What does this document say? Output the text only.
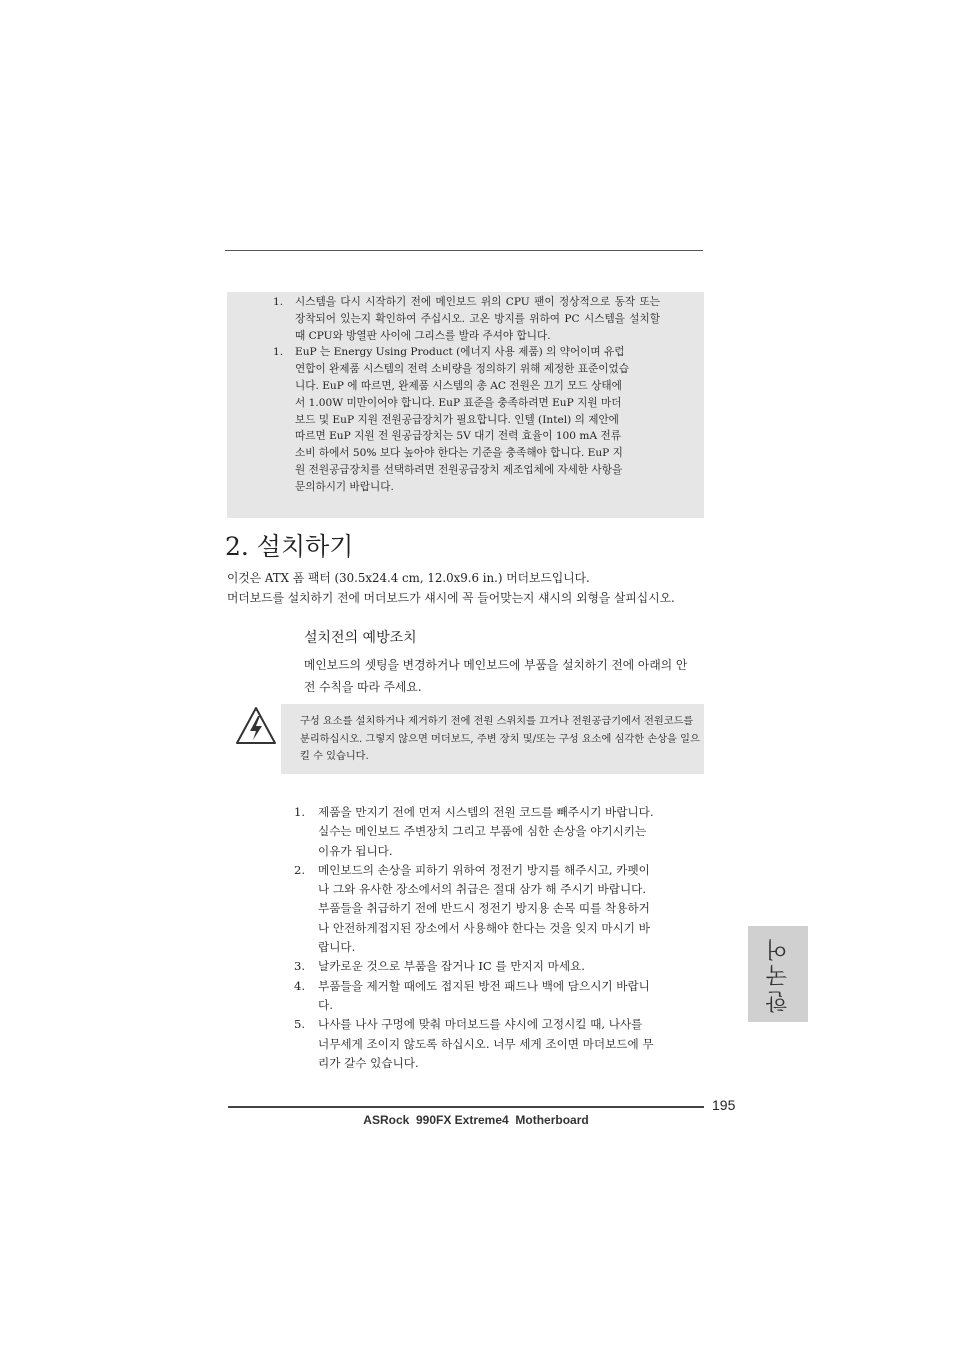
1. 시스템을 다시 시작하기 전에 메인보드 위의 CPU 팬이 정상적으로 동작 또는 장착되어 있는지 확인하여 주십시오. 고온 방지를 위하여 PC 시스템을 설치할 때 CPU와 방열판 사이에 그리스를 발라 주셔야 합니다.

1. EuP 는 Energy Using Product (에너지 사용 제품) 의 약어이며 유럽 연합이 완제품 시스템의 전력 소비량을 정의하기 위해 제정한 표준이었습니다. EuP 에 따르면, 완제품 시스템의 총 AC 전원은 끄기 모드 상태에서 1.00W 미만이어야 합니다. EuP 표준을 충족하려면 EuP 지원 마더보드 및 EuP 지원 전원공급장치가 필요합니다. 인텔 (Intel) 의 제안에 따르면 EuP 지원 전 원공급장치는 5V 대기 전력 효율이 100 mA 전류 소비 하에서 50% 보다 높아야 한다는 기준을 충족해야 합니다. EuP 지원 전원공급장치를 선택하려면 전원공급장치 제조업체에 자세한 사항을 문의하시기 바랍니다.

2. 설치하기
이것은 ATX 폼 팩터 (30.5x24.4 cm, 12.0x9.6 in.) 머더보드입니다.
머더보드를 설치하기 전에 머더보드가 섀시에 꼭 들어맞는지 섀시의 외형을 살피십시오.
설치전의 예방조치
메인보드의 셋팅을 변경하거나 메인보드에 부품을 설치하기 전에 아래의 안전 수칙을 따라 주세요.

구성 요소를 설치하거나 제거하기 전에 전원 스위치를 끄거나 전원공급기에서 전원코드를 분리하십시오. 그렇지 않으면 머더보드, 주변 장치 및/또는 구성 요소에 심각한 손상을 일으킬 수 있습니다.

1. 제품을 만지기 전에 먼저 시스템의 전원 코드를 빼주시기 바랍니다. 실수는 메인보드 주변장치 그리고 부품에 심한 손상을 야기시키는이유가 됩니다.
2. 메인보드의 손상을 피하기 위하여 정전기 방지를 해주시고, 카펫이나 그와 유사한 장소에서의 취급은 절대 삼가 해 주시기 바랍니다. 부품들을 취급하기 전에 반드시 정전기 방지용 손목 띠를 착용하거나 안전하게접지된 장소에서 사용해야 한다는 것을 잊지 마시기 바랍니다.
3. 날카로운 것으로 부품을 잡거나 IC 를 만지지 마세요.
4. 부품들을 제거할 때에도 접지된 방전 패드나 백에 담으시기 바랍니다.
5. 나사를 나사 구멍에 맞춰 마더보드를 샤시에 고정시킬 때, 나사를 너무세게 조이지 않도록 하십시오. 너무 세게 조이면 마더보드에 무리가 갈수 있습니다.
한국어
195
ASRock  990FX Extreme4  Motherboard
